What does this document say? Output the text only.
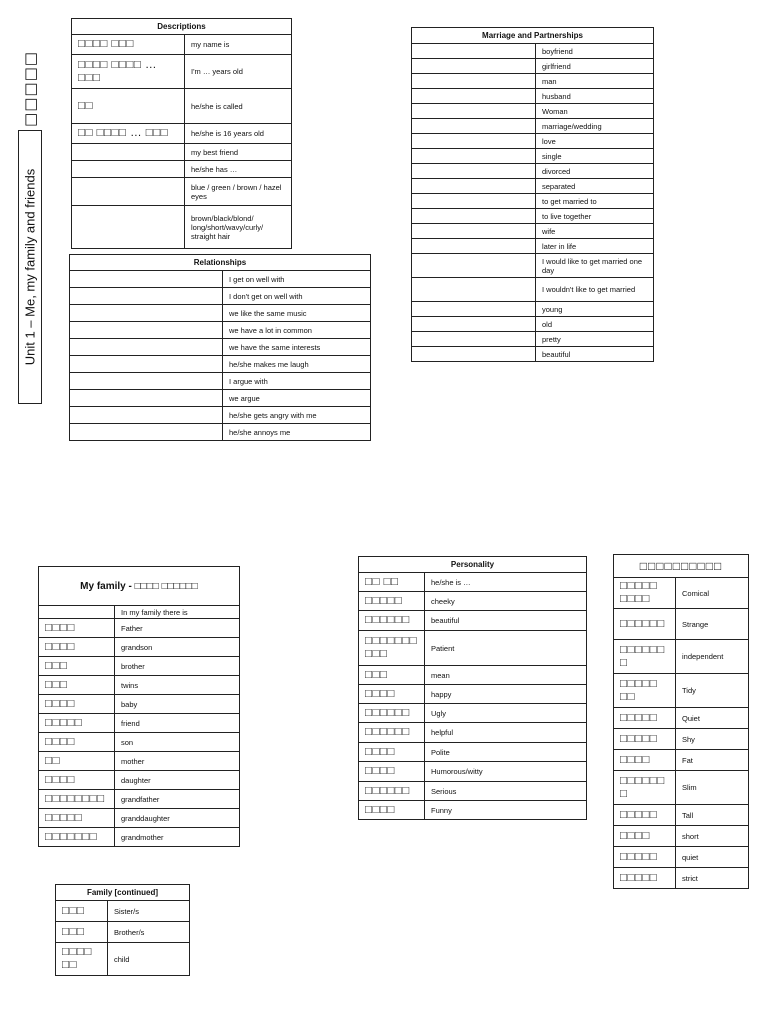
□□□□□
Unit 1 – Me, my family and friends
Descriptions	
□□□□ □□□	my name is
□□□□ □□□□ … □□□	I'm … years old
□□	he/she is called
□□ □□□□ … □□□	he/she is 16 years old
	my best friend
	he/she has …
	blue / green / brown / hazel eyes
	brown/black/blond/ long/short/wavy/curly/ straight hair
Relationships	
	I get on well with
	I don't get on well with
	we like the same music
	we have a lot in common
	we have the same interests
	he/she makes me laugh
	I argue with
	we argue
	he/she gets angry with me
	he/she annoys me
Marriage and Partnerships	
	boyfriend
	girlfriend
	man
	husband
	Woman
	marriage/wedding
	love
	single
	divorced
	separated
	to get married to
	to live together
	wife
	later in life
	I would like to get married one day
	I wouldn't like to get married
	young
	old
	pretty
	beautiful
My family - □□□□ □□□□□□	
	In my family there is
□□□□	Father
□□□□	grandson
□□□	brother
□□□	twins
□□□□	baby
□□□□□	friend
□□□□	son
□□	mother
□□□□	daughter
□□□□□□□□	grandfather
□□□□□	granddaughter
□□□□□□□	grandmother
Family [continued]	
□□□	Sister/s
□□□	Brother/s
□□□□ □□	child
Personality	
□□ □□	he/she is …
□□□□□	cheeky
□□□□□□	beautiful
□□□□□□□ □□□	Patient
□□□	mean
□□□□	happy
□□□□□□	Ugly
□□□□□□	helpful
□□□□	Polite
□□□□	Humorous/witty
□□□□□□	Serious
□□□□	Funny
□□□□□□□□□□	
□□□□□ □□□□	Comical
□□□□□□	Strange
□□□□□□ □	independent
□□□□□ □□	Tidy
□□□□□	Quiet
□□□□□	Shy
□□□□	Fat
□□□□□□ □	Slim
□□□□□	Tall
□□□□	short
□□□□□	quiet
□□□□□	strict
